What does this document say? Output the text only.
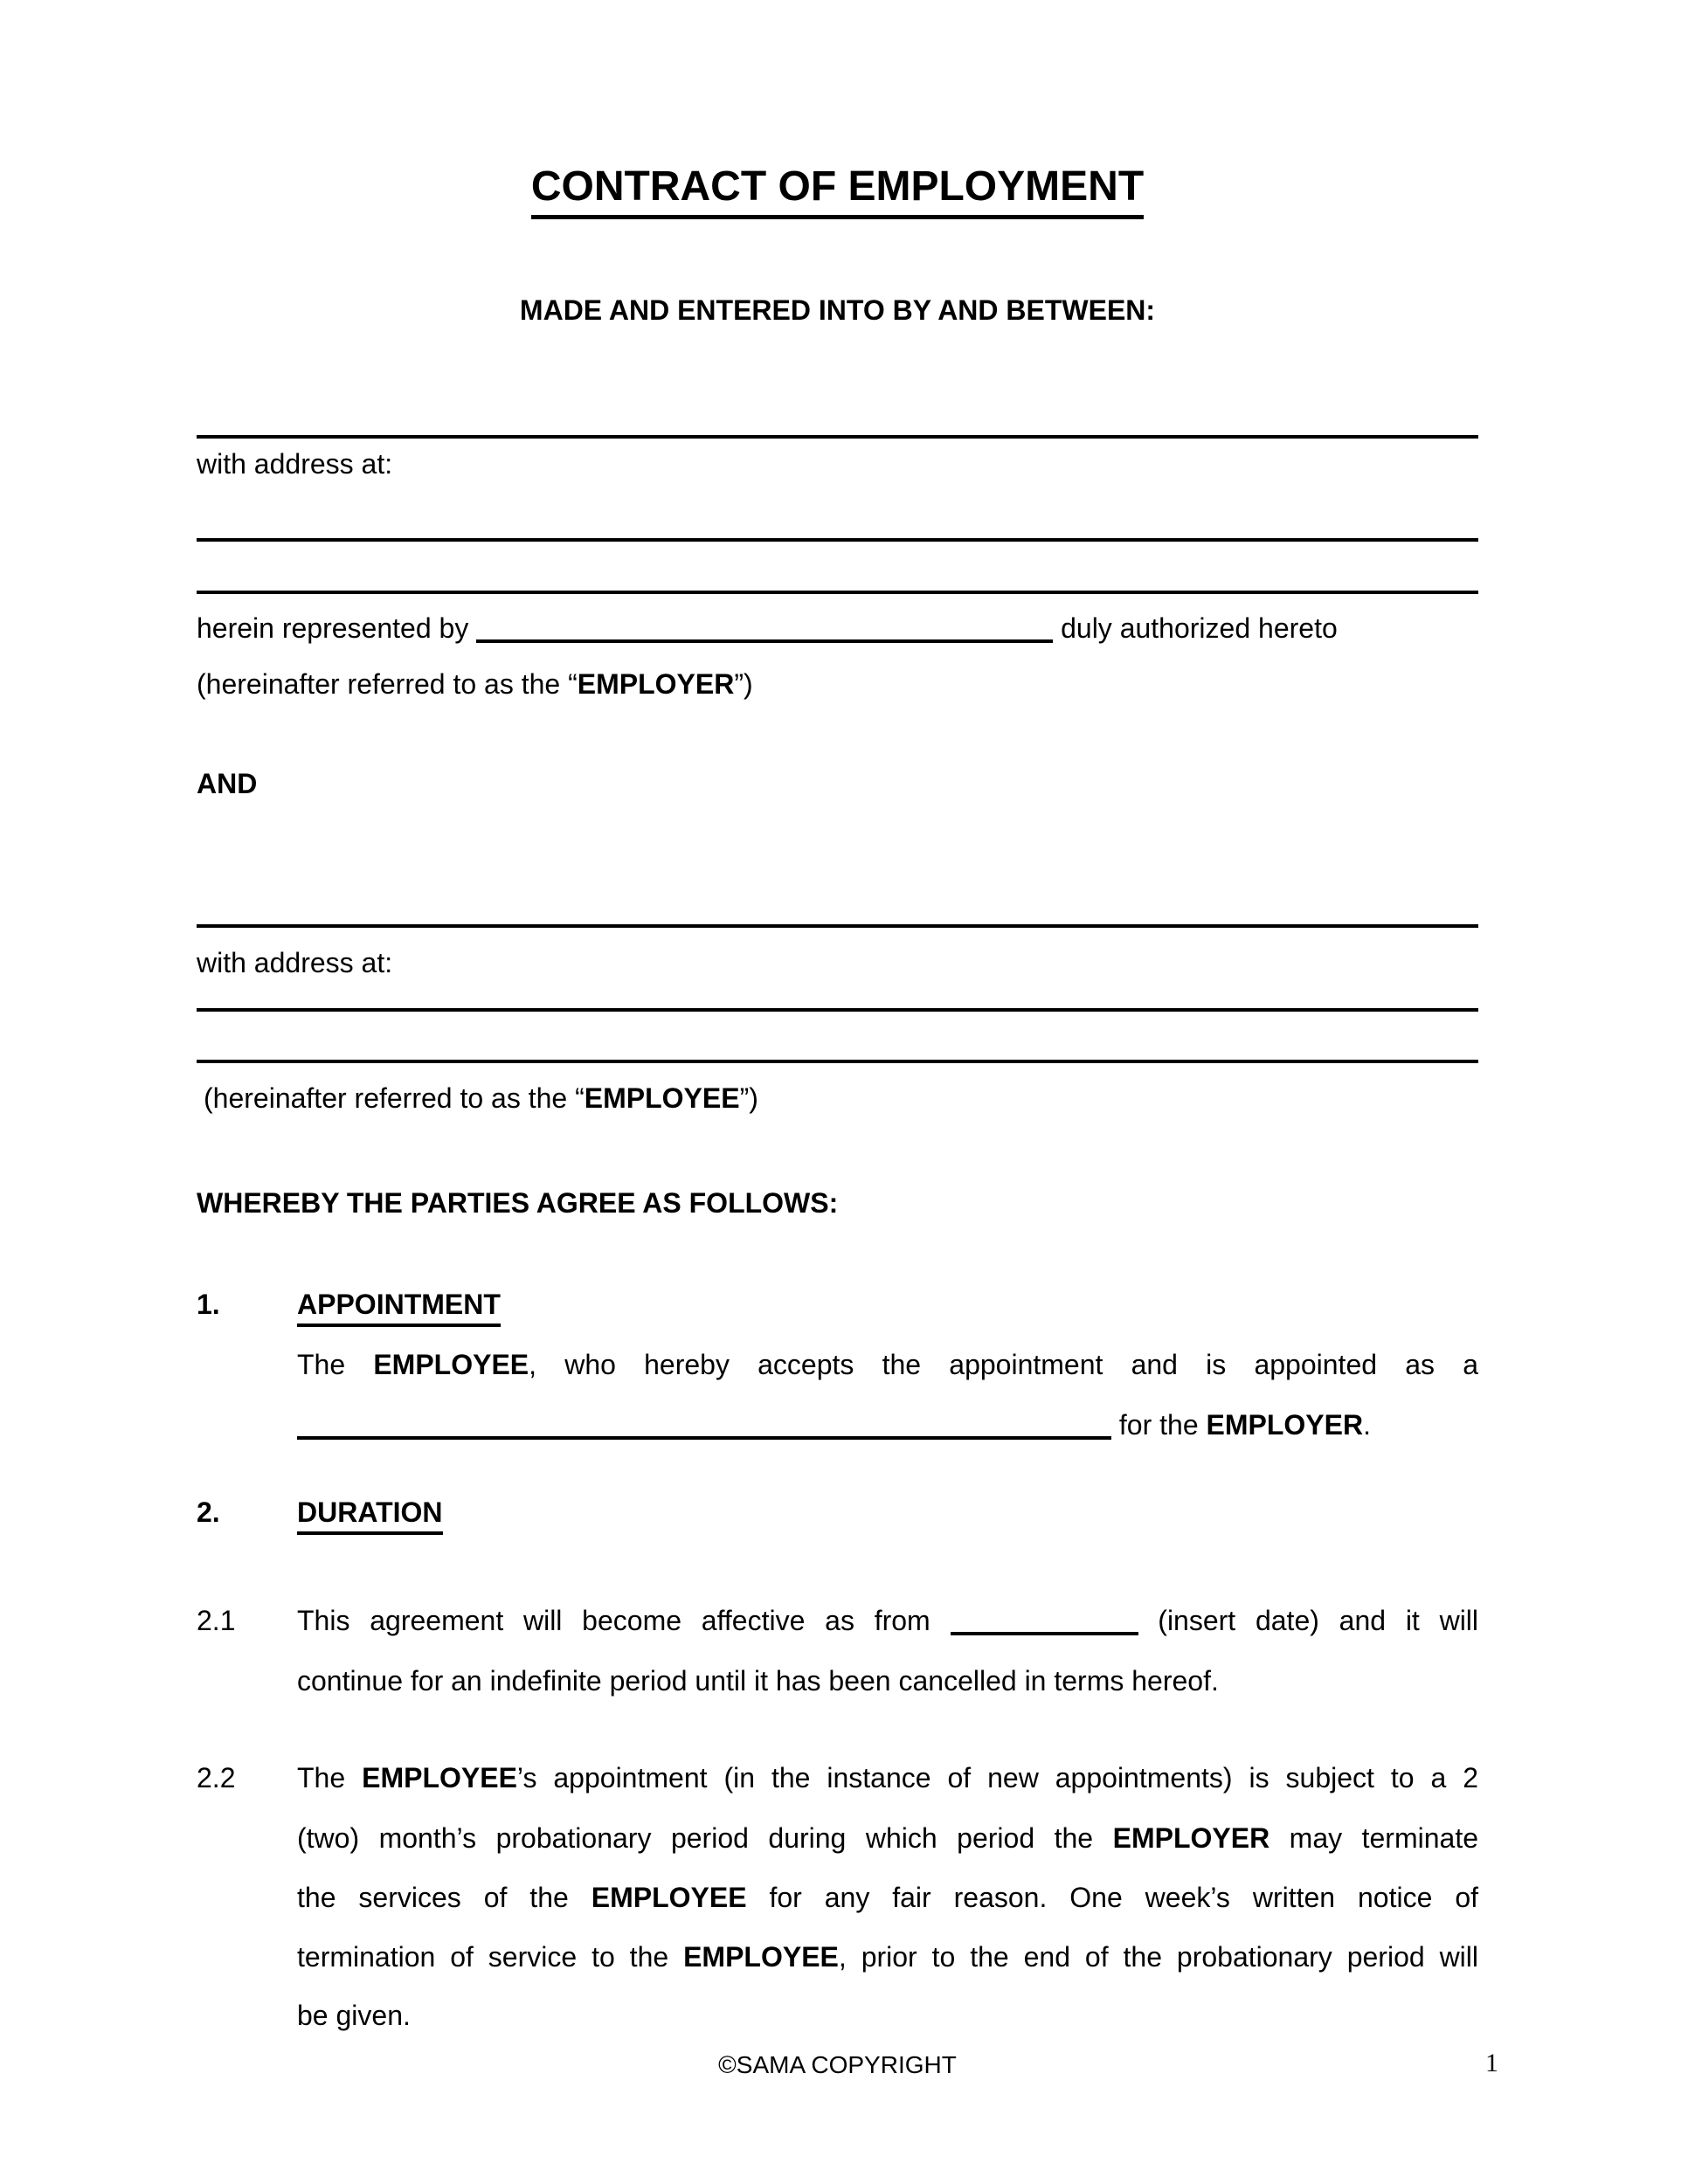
CONTRACT OF EMPLOYMENT
MADE AND ENTERED INTO BY AND BETWEEN:
with address at:
herein represented by	duly authorized hereto
(hereinafter referred to as the “EMPLOYER”)
AND
with address at:
(hereinafter referred to as the “EMPLOYEE”)
WHEREBY THE PARTIES AGREE AS FOLLOWS:
1.	APPOINTMENT
The EMPLOYEE, who hereby accepts the appointment and is appointed as a
for the EMPLOYER.
2.	DURATION
2.1	This agreement will become affective as from	(insert date) and it will
continue for an indefinite period until it has been cancelled in terms hereof.
2.2	The EMPLOYEE’s appointment (in the instance of new appointments) is subject to a 2
(two) month’s probationary period during which period the EMPLOYER may terminate
the services of the EMPLOYEE for any fair reason. One week’s written notice of
termination of service to the EMPLOYEE, prior to the end of the probationary period will
be given.
©SAMA COPYRIGHT	1
